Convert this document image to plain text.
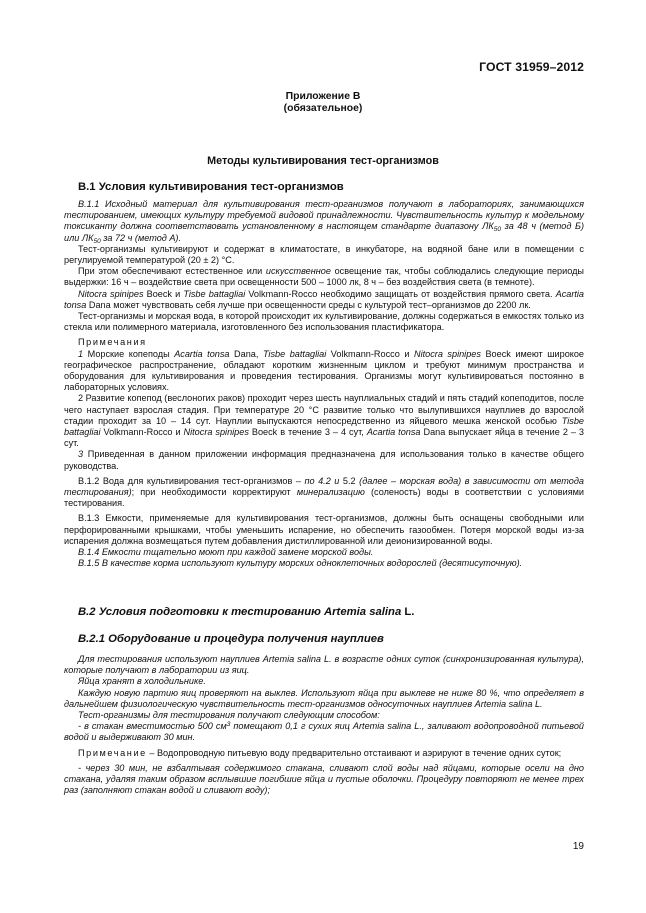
ГОСТ 31959–2012
Приложение В
(обязательное)
Методы культивирования тест-организмов
В.1 Условия культивирования тест-организмов

В.1.1 Исходный материал для культивирования тест-организмов получают в лабораториях, занимающихся тестированием, имеющих культуру требуемой видовой принадлежности. Чувствительность культур к модельному токсиканту должна соответствовать установленному в настоящем стандарте диапазону $ЛК_{50}$ за 48 ч (метод Б) или $ЛК_{50}$ за 72 ч (метод А).

Тест-организмы культивируют и содержат в климатостате, в инкубаторе, на водяной бане или в помещении с регулируемой температурой (20 ± 2) °С.

При этом обеспечивают естественное или искусственное освещение так, чтобы соблюдались следующие периоды выдержки: 16 ч – воздействие света при освещенности 500 – 1000 лк, 8 ч – без воздействия света (в темноте).

Nitocra spinipes Boeck и Tisbe battagliai Volkmann-Rocco необходимо защищать от воздействия прямого света. Acartia tonsa Dana может чувствовать себя лучше при освещенности среды с культурой тест–организмов до 2200 лк.

Тест-организмы и морская вода, в которой происходит их культивирование, должны содержаться в емкостях только из стекла или полимерного материала, изготовленного без использования пластификатора.

Примечания

1 Морские копеподы Acartia tonsa Dana, Tisbe battagliai Volkmann-Rocco и Nitocra spinipes Boeck имеют широкое географическое распространение, обладают коротким жизненным циклом и требуют минимум пространства и оборудования для культивирования и проведения тестирования. Организмы могут культивироваться постоянно в лабораторных условиях.

2 Развитие копепод (веслоногих раков) проходит через шесть науплиальных стадий и пять стадий копеподитов, после чего наступает взрослая стадия. При температуре 20 °С развитие только что вылупившихся науплиев до взрослой стадии проходит за 10 – 14 сут. Науплии выпускаются непосредственно из яйцевого мешка женской особью Tisbe battagliai Volkmann-Rocco и Nitocra spinipes Boeck в течение 3 – 4 сут, Acartia tonsa Dana выпускает яйца в течение 2 – 3 сут.

3 Приведенная в данном приложении информация предназначена для использования только в качестве общего руководства.

В.1.2 Вода для культивирования тест-организмов – по 4.2 и 5.2 (далее – морская вода) в зависимости от метода тестирования); при необходимости корректируют минерализацию (соленость) воды в соответствии с условиями тестирования.

В.1.3 Емкости, применяемые для культивирования тест-организмов, должны быть оснащены свободными или перфорированными крышками, чтобы уменьшить испарение, но обеспечить газообмен. Потеря морской воды из-за испарения должна возмещаться путем добавления дистиллированной или деионизированной воды.

В.1.4 Емкости тщательно моют при каждой замене морской воды.

В.1.5 В качестве корма используют культуру морских одноклеточных водорослей (десятисуточную).

В.2 Условия подготовки к тестированию Artemia salina L.
В.2.1 Оборудование и процедура получения науплиев

Для тестирования используют науплиев Artemia salina L. в возрасте одних суток (синхронизированная культура), которые получают в лаборатории из яиц.

Яйца хранят в холодильнике.

Каждую новую партию яиц проверяют на выклев. Используют яйца при выклеве не ниже 80 %, что определяет в дальнейшем физиологическую чувствительность тест-организмов односуточных науплиев Artemia salina L.

Тест-организмы для тестирования получают следующим способом:

- в стакан вместимостью 500 $см^3$ помещают 0,1 г сухих яиц Artemia salina L., заливают водопроводной питьевой водой и выдерживают 30 мин.

Примечание – Водопроводную питьевую воду предварительно отстаивают и аэрируют в течение одних суток;

- через 30 мин, не взбалтывая содержимого стакана, сливают слой воды над яйцами, которые осели на дно стакана, удаляя таким образом всплывшие погибшие яйца и пустые оболочки. Процедуру повторяют не менее трех раз (заполняют стакан водой и сливают воду);

19
